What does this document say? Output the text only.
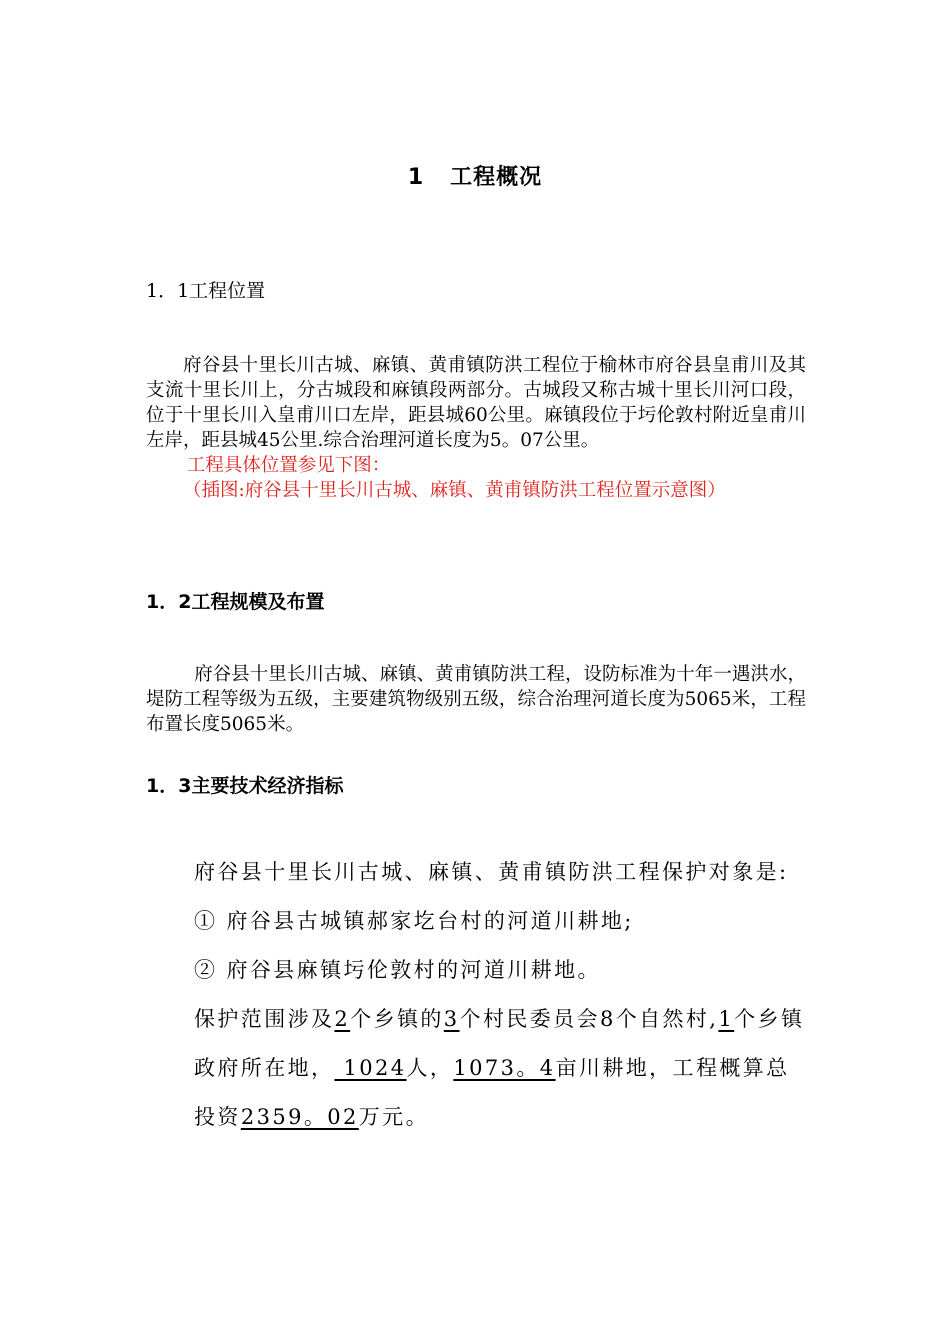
1 工程概况
1．1工程位置

府谷县十里长川古城、麻镇、黄甫镇防洪工程位于榆林市府谷县皇甫川及其支流十里长川上，分古城段和麻镇段两部分。古城段又称古城十里长川河口段，位于十里长川入皇甫川口左岸，距县城60公里。麻镇段位于圬伦敦村附近皇甫川左岸，距县城45公里.综合治理河道长度为5。07公里。

工程具体位置参见下图：

（插图:府谷县十里长川古城、麻镇、黄甫镇防洪工程位置示意图）

1．2工程规模及布置

府谷县十里长川古城、麻镇、黄甫镇防洪工程，设防标准为十年一遇洪水，堤防工程等级为五级，主要建筑物级别五级，综合治理河道长度为5065米，工程布置长度5065米。

1．3主要技术经济指标

府谷县十里长川古城、麻镇、黄甫镇防洪工程保护对象是:

① 府谷县古城镇郝家圪台村的河道川耕地;

② 府谷县麻镇圬伦敦村的河道川耕地。

保护范围涉及2个乡镇的3个村民委员会8个自然村,1个乡镇政府所在地， 1024人，1073。4亩川耕地，工程概算总投资2359。02万元。
